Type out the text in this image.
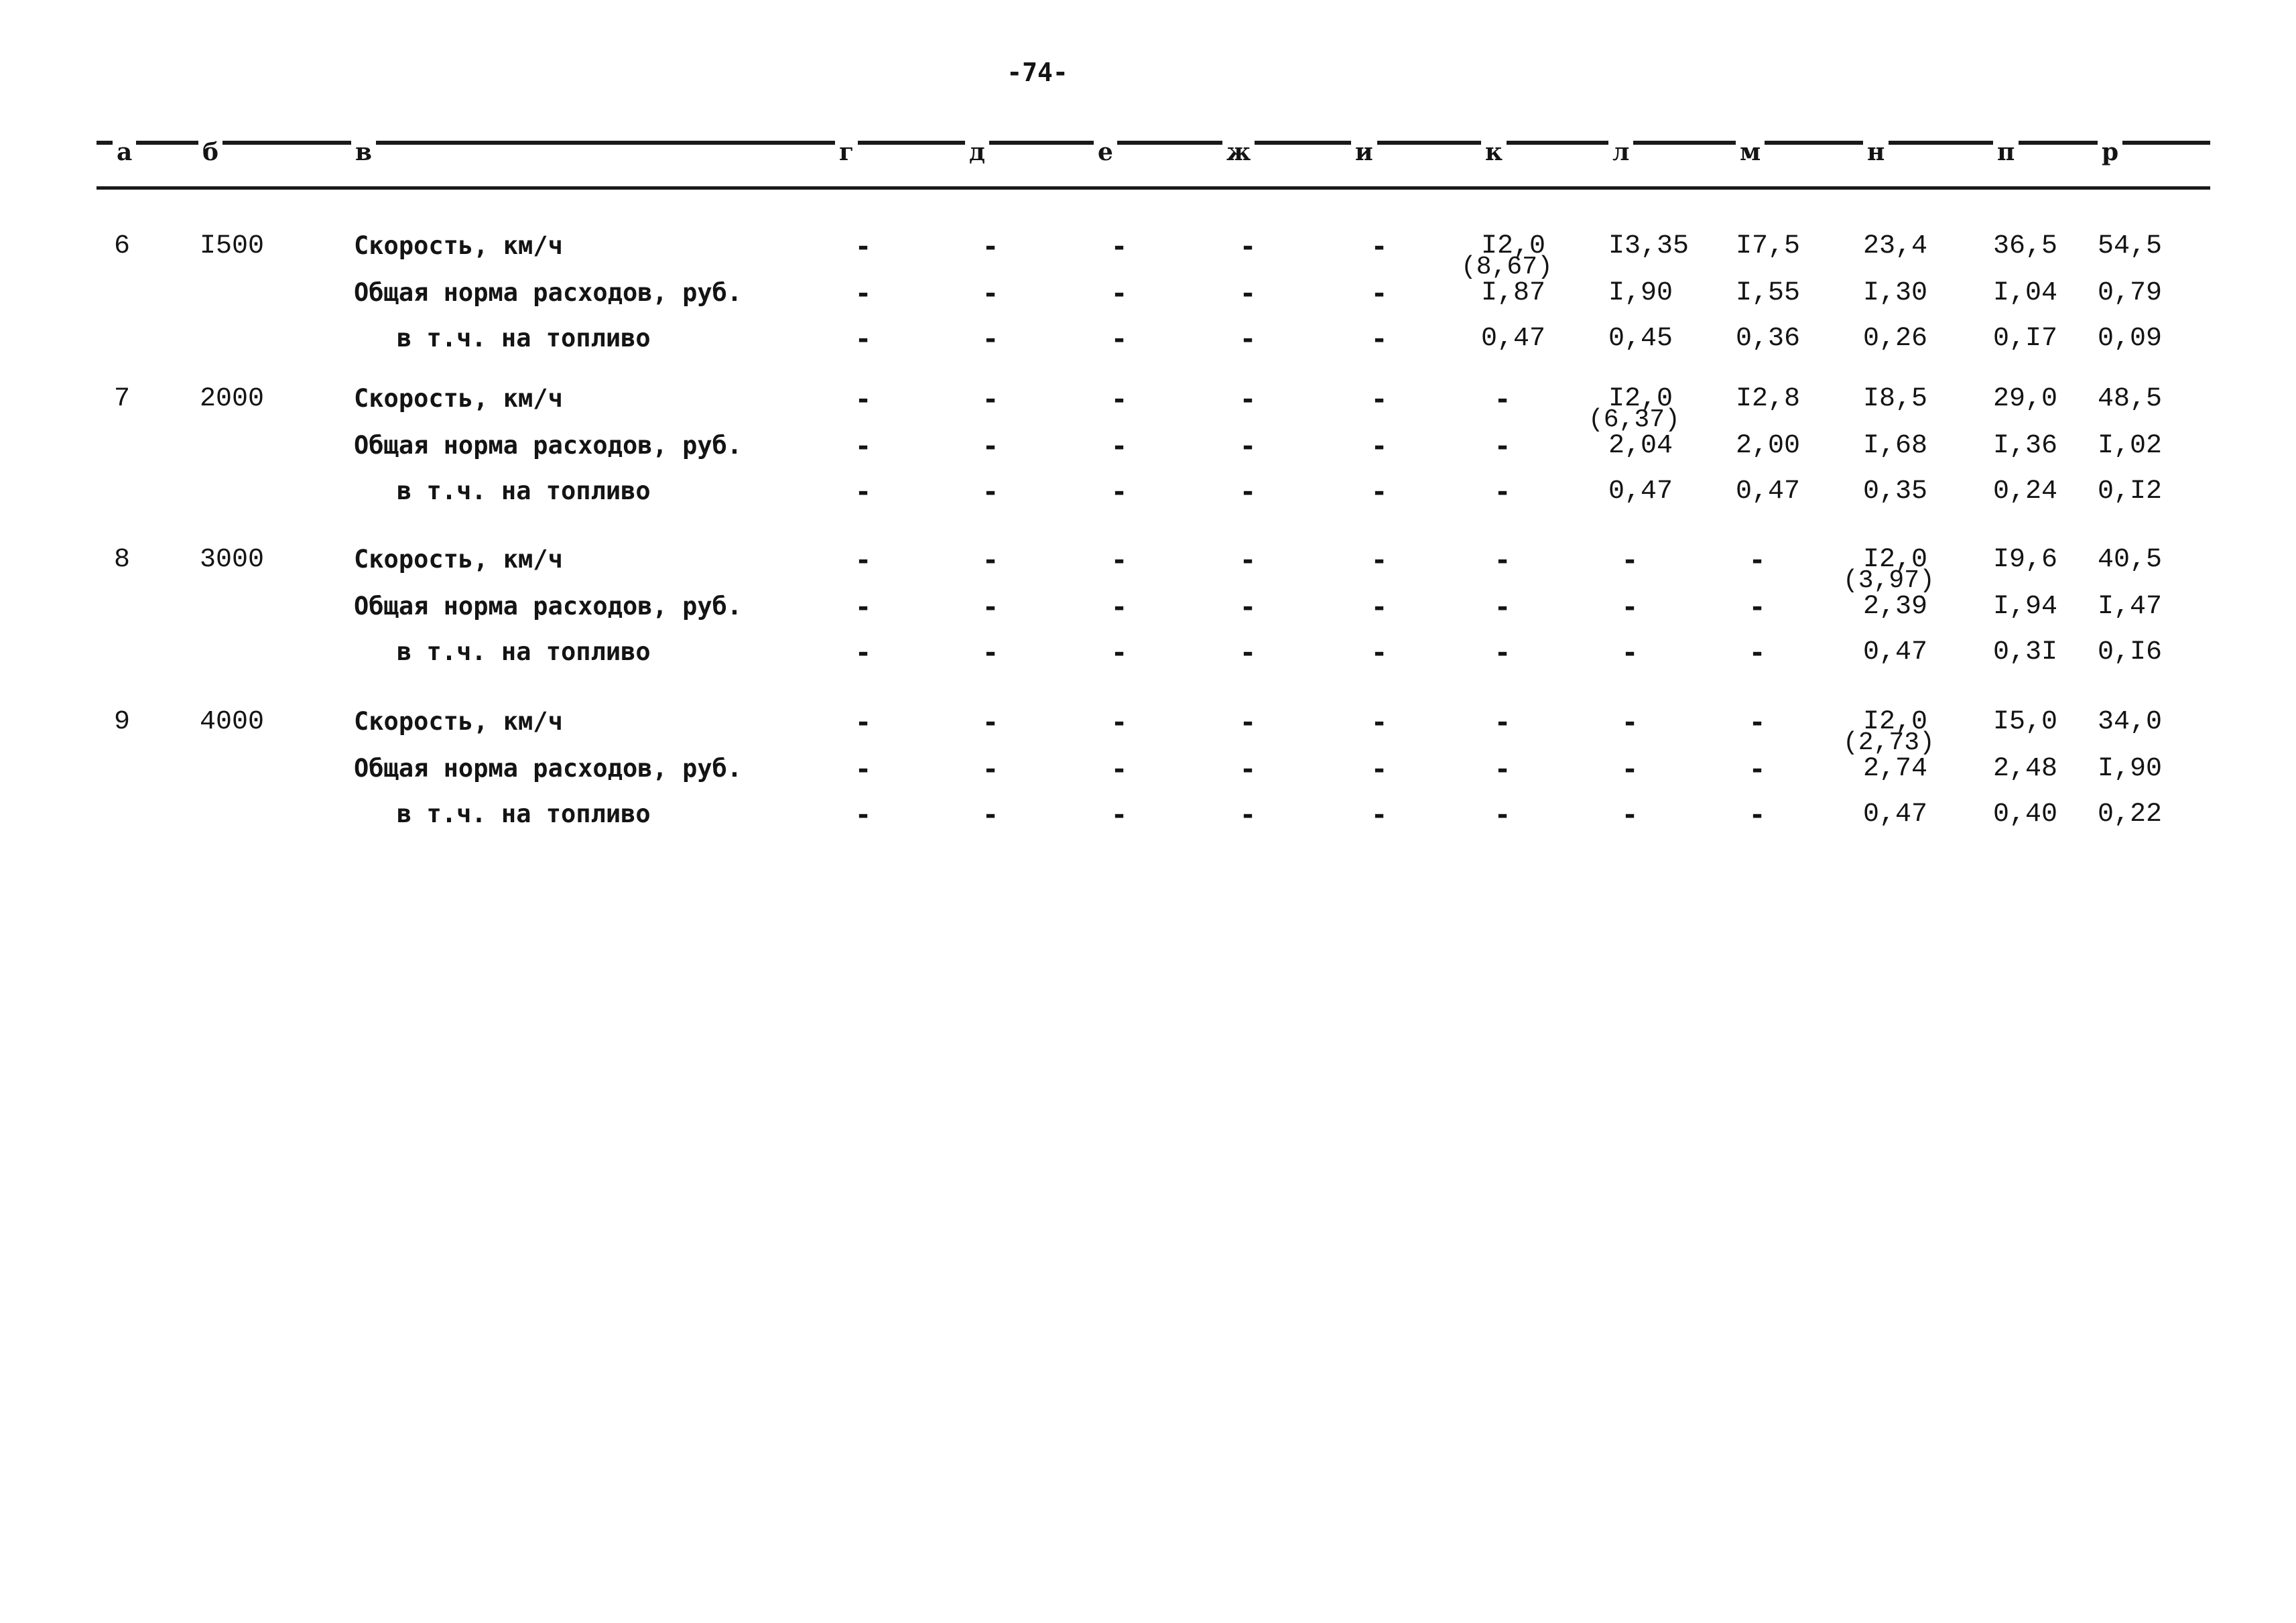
-74-
а	б	в	г	д	е	ж	и	к	л	м	н	п	р
6	I500	Скорость, км/ч	-	-	-	-	-	I2,0 I3,35 I7,5 23,4 36,5 54,5
(8,67)
Общая норма расходов, руб.	-	-	-	-	-	I,87 I,90 I,55 I,30 I,04 0,79
в т.ч. на топливо	-	-	-	-	-	0,47 0,45 0,36 0,26 0,I7 0,09
7	2000	Скорость, км/ч	-	-	-	-	-	-	I2,0 I2,8 I8,5 29,0 48,5
(6,37)
Общая норма расходов, руб.	-	-	-	-	-	-	2,04 2,00 I,68 I,36 I,02
в т.ч. на топливо	-	-	-	-	-	-	0,47 0,47 0,35 0,24 0,I2
8	3000	Скорость, км/ч	-	-	-	-	-	-	-	-	I2,0 I9,6 40,5
(3,97)
Общая норма расходов, руб.	-	-	-	-	-	-	-	-	2,39 I,94 I,47
в т.ч. на топливо	-	-	-	-	-	-	-	-	0,47 0,3I 0,I6
9	4000	Скорость, км/ч	-	-	-	-	-	-	-	-	I2,0 I5,0 34,0
(2,73)
Общая норма расходов, руб.	-	-	-	-	-	-	-	-	2,74 2,48 I,90
в т.ч. на топливо	-	-	-	-	-	-	-	-	0,47 0,40 0,22
